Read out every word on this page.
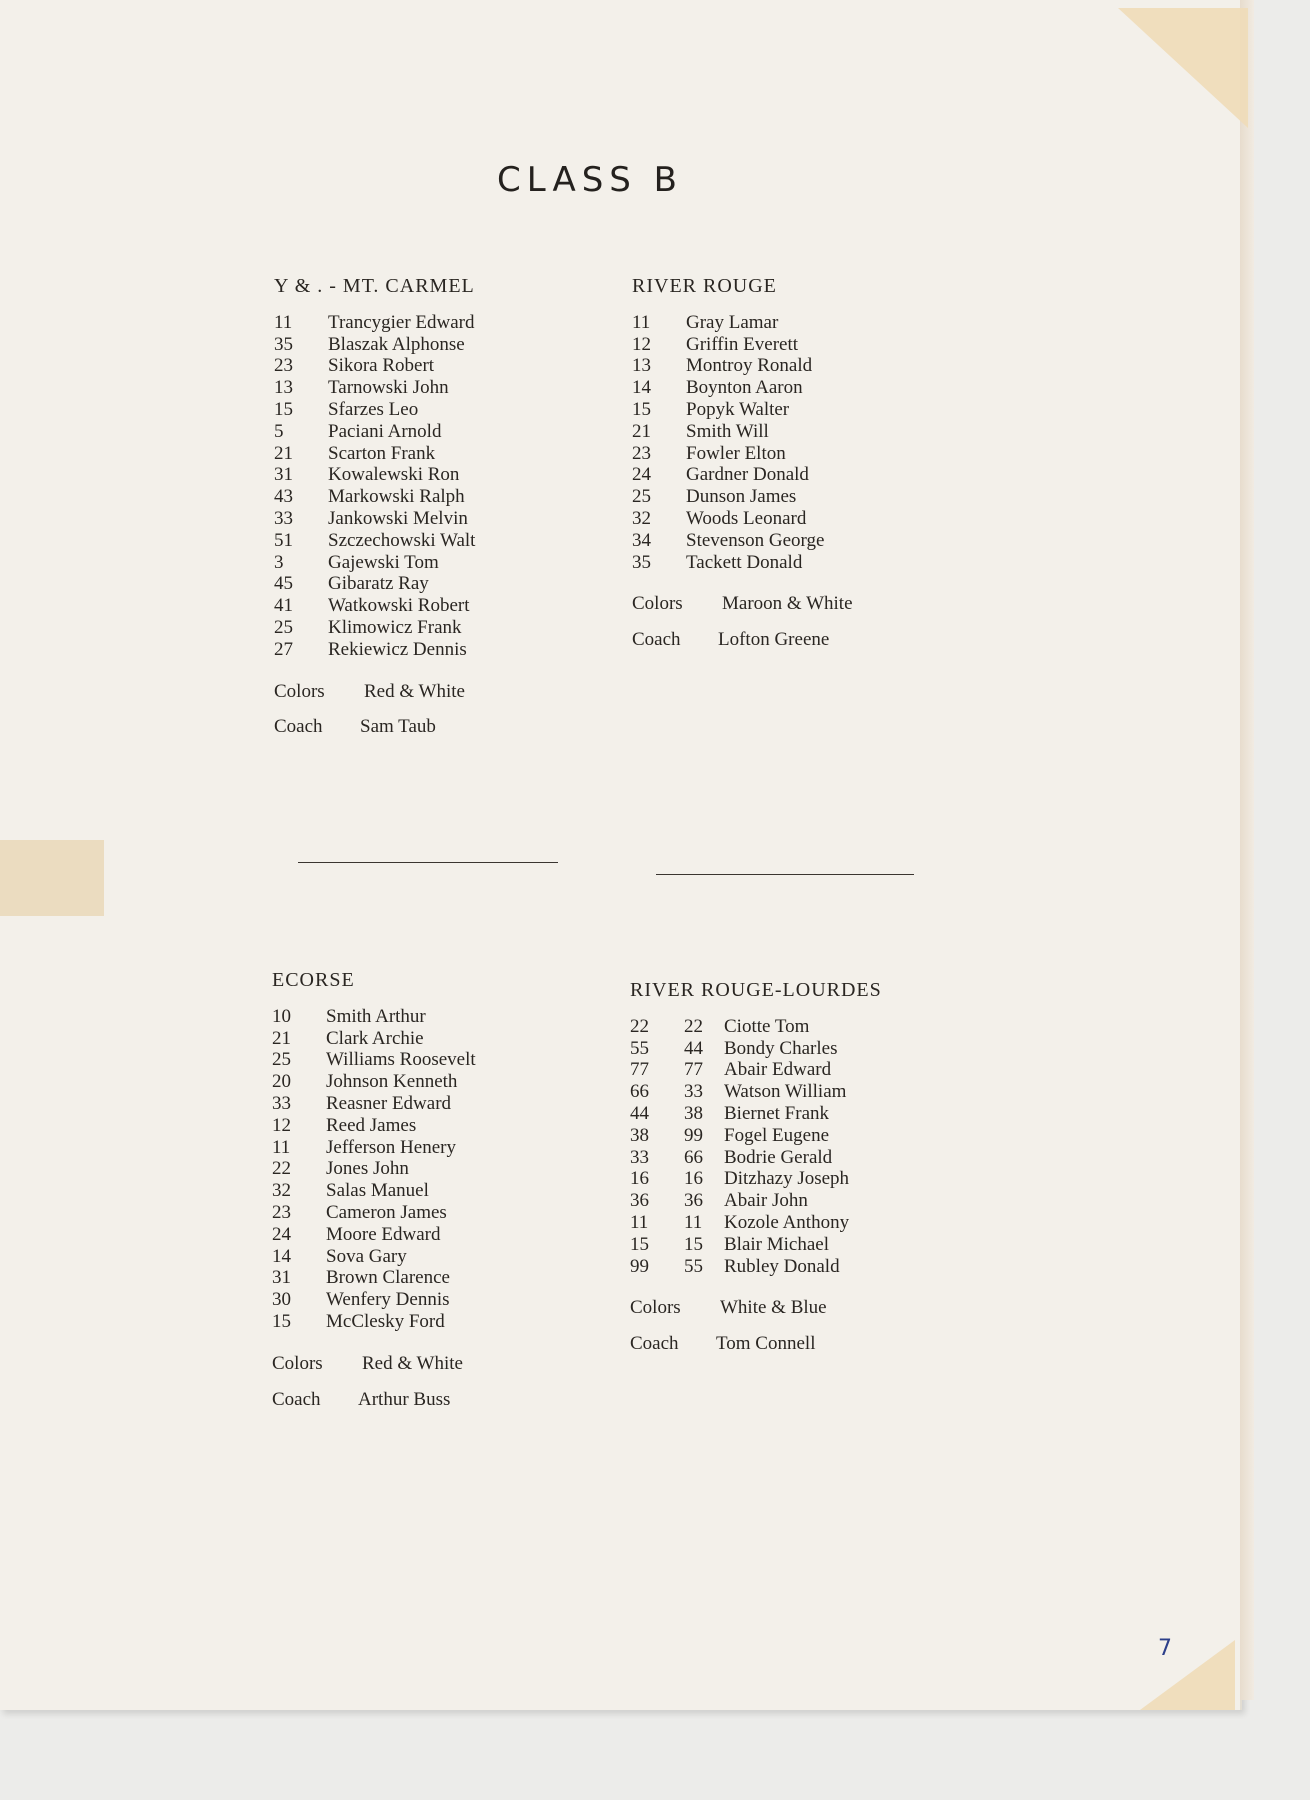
CLASS B
Y & . - MT. CARMEL
11	Trancygier Edward
35	Blaszak Alphonse
23	Sikora Robert
13	Tarnowski John
15	Sfarzes Leo
5	Paciani Arnold
21	Scarton Frank
31	Kowalewski Ron
43	Markowski Ralph
33	Jankowski Melvin
51	Szczechowski Walt
3	Gajewski Tom
45	Gibaratz Ray
41	Watkowski Robert
25	Klimowicz Frank
27	Rekiewicz Dennis
Colors	Red & White
Coach	Sam Taub
RIVER ROUGE
11	Gray Lamar
12	Griffin Everett
13	Montroy Ronald
14	Boynton Aaron
15	Popyk Walter
21	Smith Will
23	Fowler Elton
24	Gardner Donald
25	Dunson James
32	Woods Leonard
34	Stevenson George
35	Tackett Donald
Colors	Maroon & White
Coach	Lofton Greene
ECORSE
10	Smith Arthur
21	Clark Archie
25	Williams Roosevelt
20	Johnson Kenneth
33	Reasner Edward
12	Reed James
11	Jefferson Henery
22	Jones John
32	Salas Manuel
23	Cameron James
24	Moore Edward
14	Sova Gary
31	Brown Clarence
30	Wenfery Dennis
15	McClesky Ford
Colors	Red & White
Coach	Arthur Buss
RIVER ROUGE-LOURDES
22	22	Ciotte Tom
55	44	Bondy Charles
77	77	Abair Edward
66	33	Watson William
44	38	Biernet Frank
38	99	Fogel Eugene
33	66	Bodrie Gerald
16	16	Ditzhazy Joseph
36	36	Abair John
11	11	Kozole Anthony
15	15	Blair Michael
99	55	Rubley Donald
Colors	White & Blue
Coach	Tom Connell
7
